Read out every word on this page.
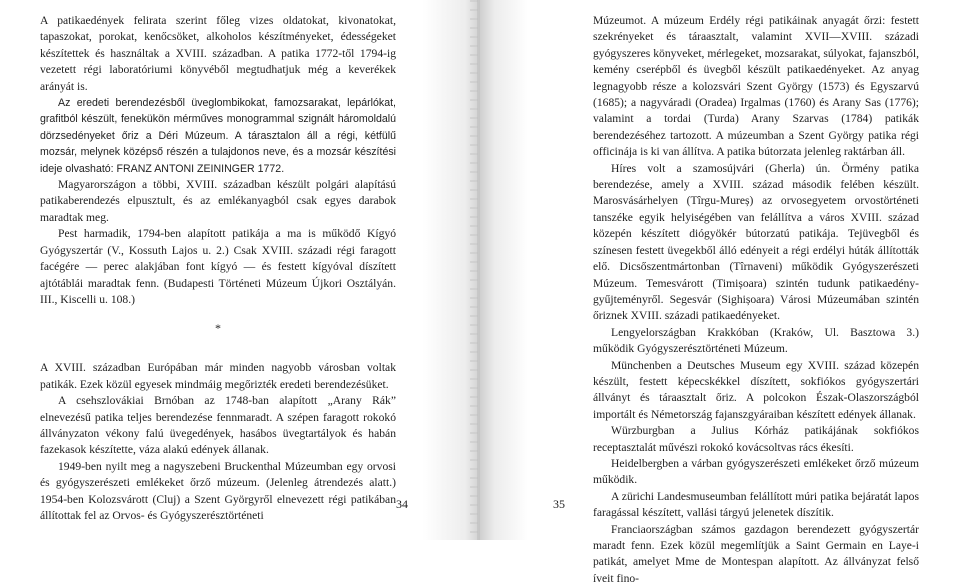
A patikaedények felirata szerint főleg vizes oldatokat, kivonatokat, tapaszokat, porokat, kenőcsöket, alkoholos készítményeket, édességeket készítettek és használtak a XVIII. században. A patika 1772-től 1794-ig vezetett régi laboratóriumi könyvéből megtudhatjuk még a keverékek arányát is.

Az eredeti berendezésből üveglombikokat, famozsarakat, lepárlókat, grafitból készült, fenekükön mérműves monogrammal szignált háromoldalú dörzsedényeket őriz a Déri Múzeum. A tárasztalon áll a régi, kétfülű mozsár, melynek középső részén a tulajdonos neve, és a mozsár készítési ideje olvasható: FRANZ ANTONI ZEININGER 1772.

Magyarországon a többi, XVIII. században készült polgári alapítású patikaberendezés elpusztult, és az emlékanyagból csak egyes darabok maradtak meg.

Pest harmadik, 1794-ben alapított patikája a ma is működő Kígyó Gyógyszertár (V., Kossuth Lajos u. 2.) Csak XVIII. századi régi faragott facégére — perec alakjában font kígyó — és festett kígyóval díszített ajtótáblái maradtak fenn. (Budapesti Történeti Múzeum Újkori Osztályán. III., Kiscelli u. 108.)

*

A XVIII. században Európában már minden nagyobb városban voltak patikák. Ezek közül egyesek mindmáig megőrizték eredeti berendezésüket.

A csehszlovákiai Brnóban az 1748-ban alapított „Arany Rák” elnevezésű patika teljes berendezése fennmaradt. A szépen faragott rokokó állványzaton vékony falú üvegedények, hasábos üvegtartályok és habán fazekasok készítette, váza alakú edények állanak.

1949-ben nyilt meg a nagyszebeni Bruckenthal Múzeumban egy orvosi és gyógyszerészeti emlékeket őrző múzeum. (Jelenleg átrendezés alatt.) 1954-ben Kolozsvárott (Cluj) a Szent Györgyről elnevezett régi patikában állítottak fel az Orvos- és Gyógyszerésztörténeti

34	35

Múzeumot. A múzeum Erdély régi patikáinak anyagát őrzi: festett szekrényeket és táraasztalt, valamint XVII—XVIII. századi gyógyszeres könyveket, mérlegeket, mozsarakat, súlyokat, fajanszból, kemény cserépből és üvegből készült patikaedényeket. Az anyag legnagyobb része a kolozsvári Szent György (1573) és Egyszarvú (1685); a nagyváradi (Oradea) Irgalmas (1760) és Arany Sas (1776); valamint a tordai (Turda) Arany Szarvas (1784) patikák berendezéséhez tartozott. A múzeumban a Szent György patika régi officinája is ki van állítva. A patika bútorzata jelenleg raktárban áll.

Híres volt a szamosújvári (Gherla) ún. Örmény patika berendezése, amely a XVIII. század második felében készült. Marosvásárhelyen (Tîrgu-Mureș) az orvosegyetem orvostörténeti tanszéke egyik helyiségében van felállítva a város XVIII. század közepén készített diógyökér bútorzatú patikája. Tejüvegből és színesen festett üvegekből álló edényeit a régi erdélyi húták állították elő. Dicsőszentmártonban (Tîrnaveni) működik Gyógyszerészeti Múzeum. Temesvárott (Timișoara) szintén tudunk patikaedény-gyűjteményről. Segesvár (Sighișoara) Városi Múzeumában szintén őriznek XVIII. századi patikaedényeket.

Lengyelországban Krakkóban (Kraków, Ul. Basztowa 3.) működik Gyógyszerésztörténeti Múzeum.

Münchenben a Deutsches Museum egy XVIII. század közepén készült, festett képecskékkel díszített, sokfiókos gyógyszertári állványt és táraasztalt őriz. A polcokon Észak-Olaszországból importált és Németország fajanszgyáraiban készített edények állanak.

Würzburgban a Julius Kórház patikájának sokfiókos receptasztalát művészi rokokó kovácsoltvas rács ékesíti.

Heidelbergben a várban gyógyszerészeti emlékeket őrző múzeum működik.

A zürichi Landesmuseumban felállított múri patika bejáratát lapos faragással készített, vallási tárgyú jelenetek díszítik.

Franciaországban számos gazdagon berendezett gyógyszertár maradt fenn. Ezek közül megemlítjük a Saint Germain en Laye-i patikát, amelyet Mme de Montespan alapított. Az állványzat felső íveit fino-
